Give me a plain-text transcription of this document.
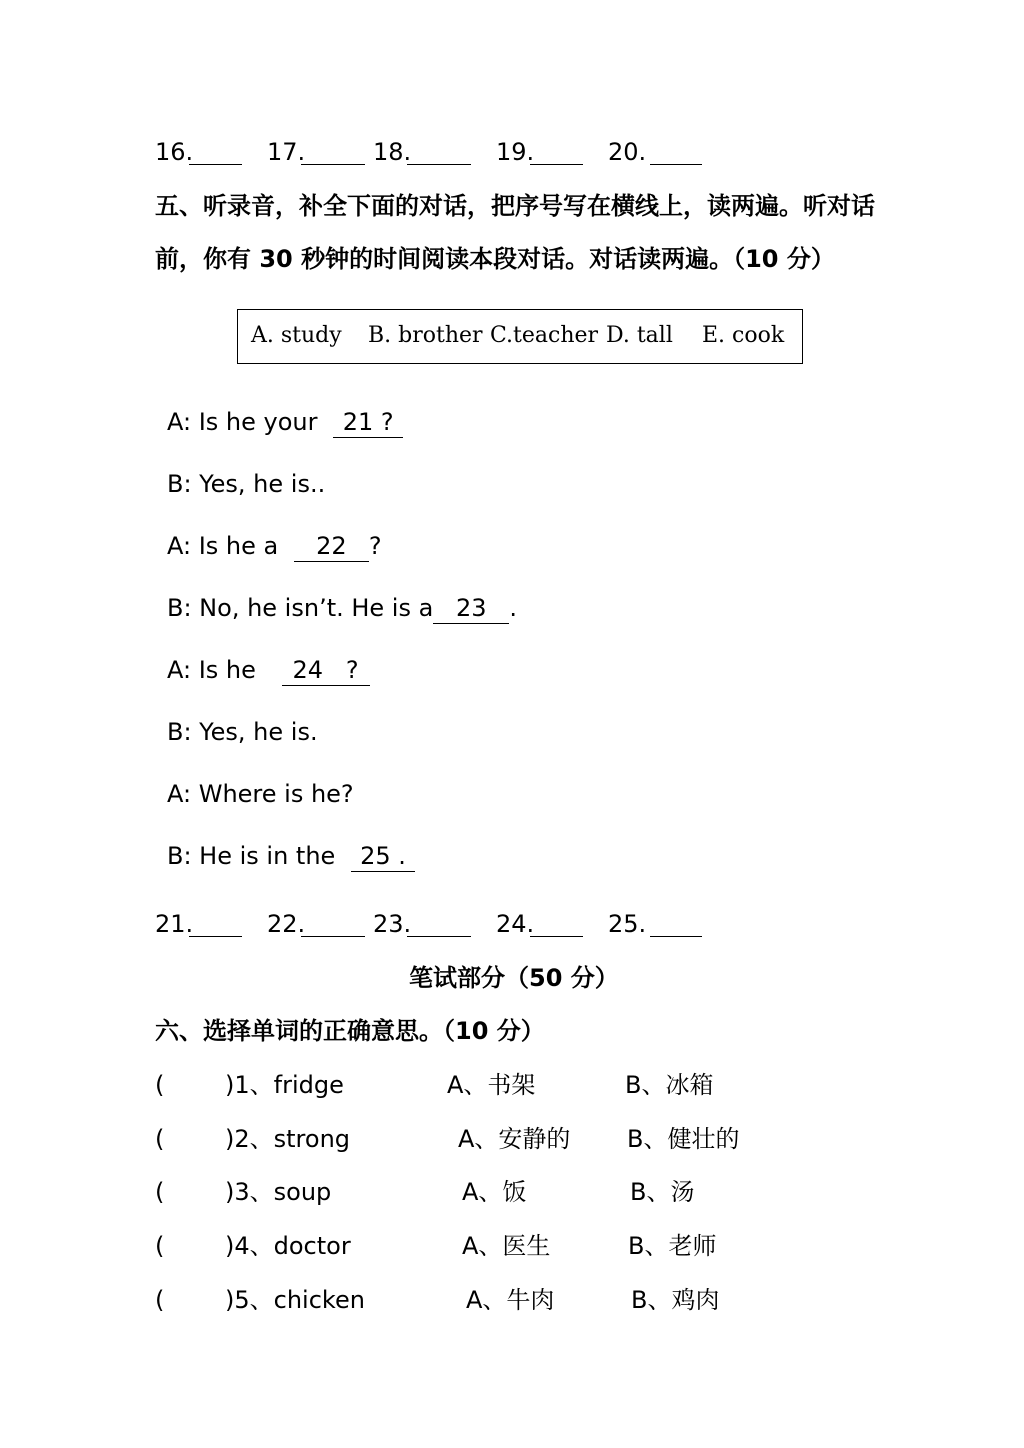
16.	17.	18.	19.	20.
五、听录音，补全下面的对话，把序号写在横线上，读两遍。听对话
前，你有 30 秒钟的时间阅读本段对话。对话读两遍。（10 分）
A. study B. brother C.teacher D. tall E. cook
A: Is he your 21 ?
B: Yes, he is..
A: Is he a 22 ?
B: No, he isn’t. He is a 23 .
A: Is he 24   ?
B: Yes, he is.
A: Where is he?
B: He is in the 25 .
21.	22.	23.	24.	25.
笔试部分（50 分）
六、选择单词的正确意思。（10 分）
(	)1、fridge	A、书架	B、冰箱
(	)2、strong	A、安静的 B、健壮的
(	)3、soup	A、饭	B、汤
(	)4、doctor	A、医生	B、老师
(	)5、chicken	A、牛肉	B、鸡肉
